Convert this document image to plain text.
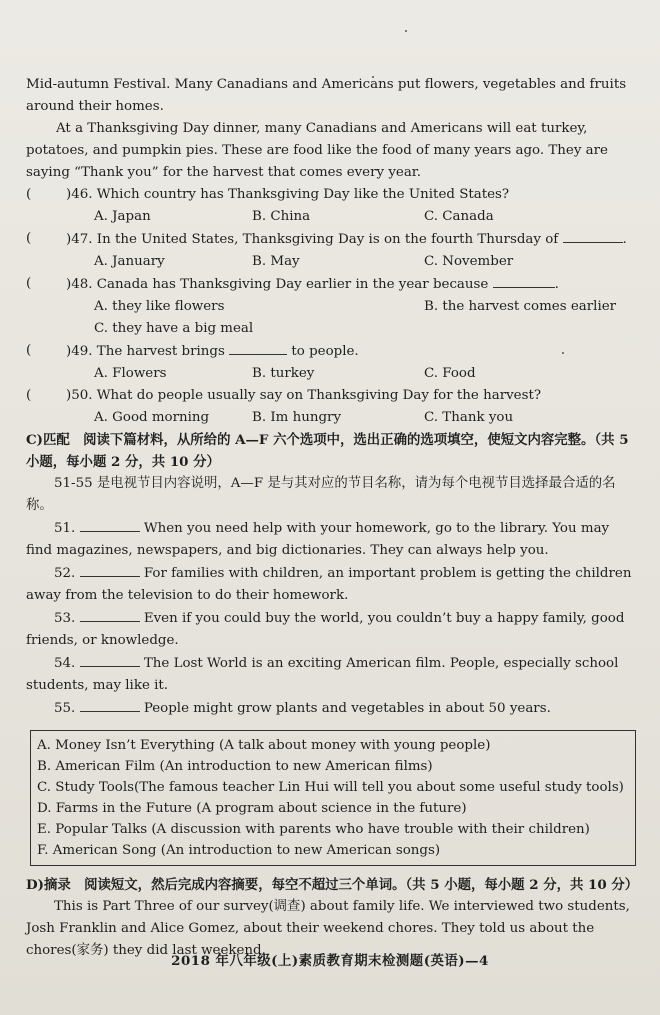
Mid-autumn Festival. Many Canadians and Americans put flowers, vegetables and fruits around their homes.

At a Thanksgiving Day dinner, many Canadians and Americans will eat turkey, potatoes, and pumpkin pies. These are food like the food of many years ago. They are saying “Thank you” for the harvest that comes every year.

(	)46. Which country has Thanksgiving Day like the United States?
A. Japan	B. China	C. Canada
(	)47. In the United States, Thanksgiving Day is on the fourth Thursday of	.
A. January	B. May	C. November
(	)48. Canada has Thanksgiving Day earlier in the year because	.
A. they like flowers	B. the harvest comes earlier
C. they have a big meal
(	)49. The harvest brings	to people.
A. Flowers	B. turkey	C. Food
(	)50. What do people usually say on Thanksgiving Day for the harvest?
A. Good morning	B. Im hungry	C. Thank you

C)匹配　阅读下篇材料，从所给的 A—F 六个选项中，选出正确的选项填空，使短文内容完整。（共 5 小题，每小题 2 分，共 10 分）

51-55 是电视节目内容说明，A—F 是与其对应的节目名称，请为每个电视节目选择最合适的名称。

51.	When you need help with your homework, go to the library. You may find magazines, newspapers, and big dictionaries. They can always help you.

52.	For families with children, an important problem is getting the children away from the television to do their homework.

53.	Even if you could buy the world, you couldn’t buy a happy family, good friends, or knowledge.

54.	The Lost World is an exciting American film. People, especially school students, may like it.

55.	People might grow plants and vegetables in about 50 years.

A. Money Isn’t Everything (A talk about money with young people)
B. American Film (An introduction to new American films)
C. Study Tools(The famous teacher Lin Hui will tell you about some useful study tools)
D. Farms in the Future (A program about science in the future)
E. Popular Talks (A discussion with parents who have trouble with their children)
F. American Song (An introduction to new American songs)

D)摘录　阅读短文，然后完成内容摘要，每空不超过三个单词。（共 5 小题，每小题 2 分，共 10 分）

This is Part Three of our survey(调查) about family life. We interviewed two students, Josh Franklin and Alice Gomez, about their weekend chores. They told us about the chores(家务) they did last weekend.

2018 年八年级(上)素质教育期末检测题(英语)—4
